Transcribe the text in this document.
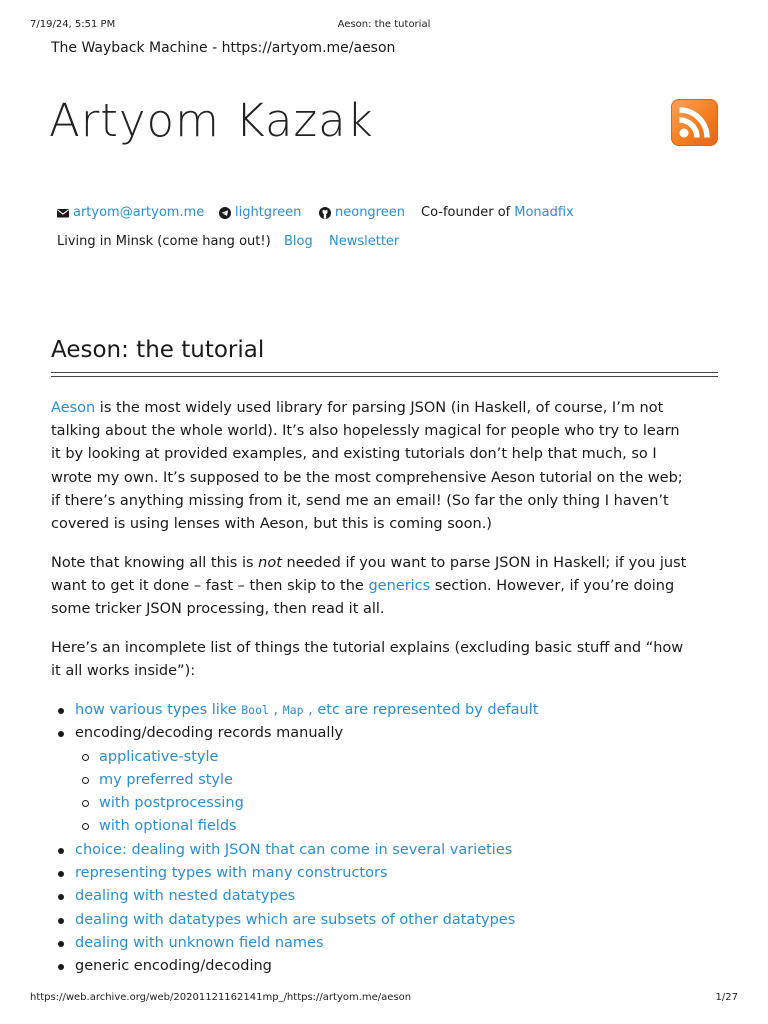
7/19/24, 5:51 PM	Aeson: the tutorial
The Wayback Machine - https://artyom.me/aeson
Artyom Kazak
artyom@artyom.me lightgreen	neongreen Co-founder of Monadfix
Living in Minsk (come hang out!) Blog Newsletter
Aeson: the tutorial

Aeson is the most widely used library for parsing JSON (in Haskell, of course, I’m not
talking about the whole world). It’s also hopelessly magical for people who try to learn
it by looking at provided examples, and existing tutorials don’t help that much, so I
wrote my own. It’s supposed to be the most comprehensive Aeson tutorial on the web;
if there’s anything missing from it, send me an email! (So far the only thing I haven’t
covered is using lenses with Aeson, but this is coming soon.)

Note that knowing all this is not needed if you want to parse JSON in Haskell; if you just
want to get it done – fast – then skip to the generics section. However, if you’re doing
some tricker JSON processing, then read it all.

Here’s an incomplete list of things the tutorial explains (excluding basic stuff and “how
it all works inside”):

how various types like Bool , Map , etc are represented by default
encoding/decoding records manually
applicative-style
my preferred style
with postprocessing
with optional fields
choice: dealing with JSON that can come in several varieties
representing types with many constructors
dealing with nested datatypes
dealing with datatypes which are subsets of other datatypes
dealing with unknown field names
generic encoding/decoding
https://web.archive.org/web/20201121162141mp_/https://artyom.me/aeson	1/27
